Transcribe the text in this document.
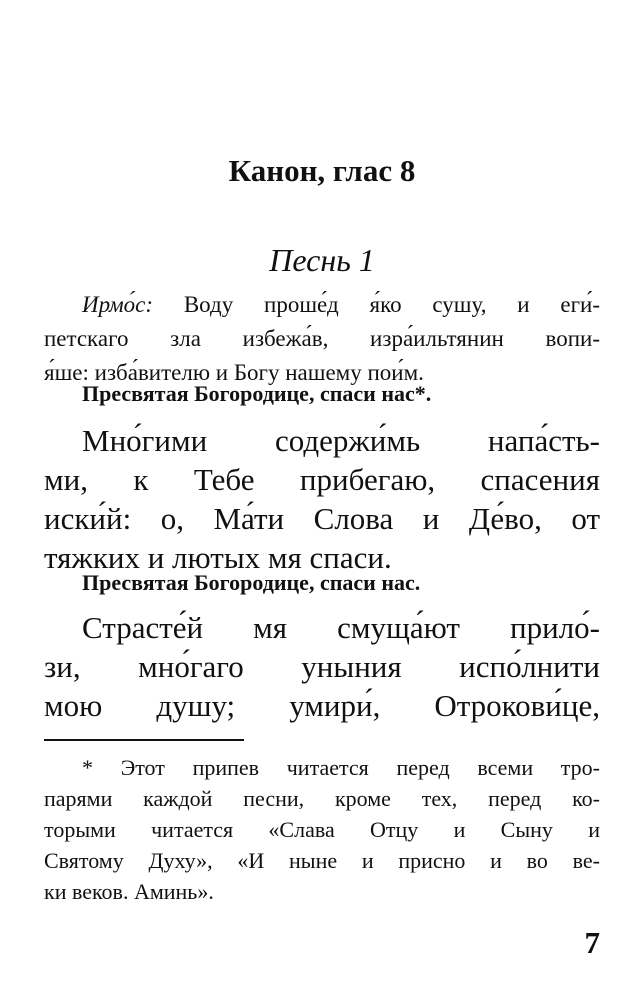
Канон, глас 8
Песнь 1
Ирмо́с: Воду проше́д я́ко сушу, и еги́-
петскаго зла избежа́в, изра́ильтянин вопи-
я́ше: изба́вителю и Богу нашему пои́м.
Пресвятая Богородице, спаси нас*.
Мно́гими содержи́мь напа́сть-
ми, к Тебе прибегаю, спасения
иски́й: о, Ма́ти Слова и Де́во, от
тяжких и лютых мя спаси.
Пресвятая Богородице, спаси нас.
Страсте́й мя смуща́ют прило́-
зи, мно́гаго уныния испо́лнити
мою душу; умири́, Отрокови́це,
* Этот припев читается перед всеми тро-
парями каждой песни, кроме тех, перед ко-
торыми читается «Слава Отцу и Сыну и
Святому Духу», «И ныне и присно и во ве-
ки веков. Аминь».
7
